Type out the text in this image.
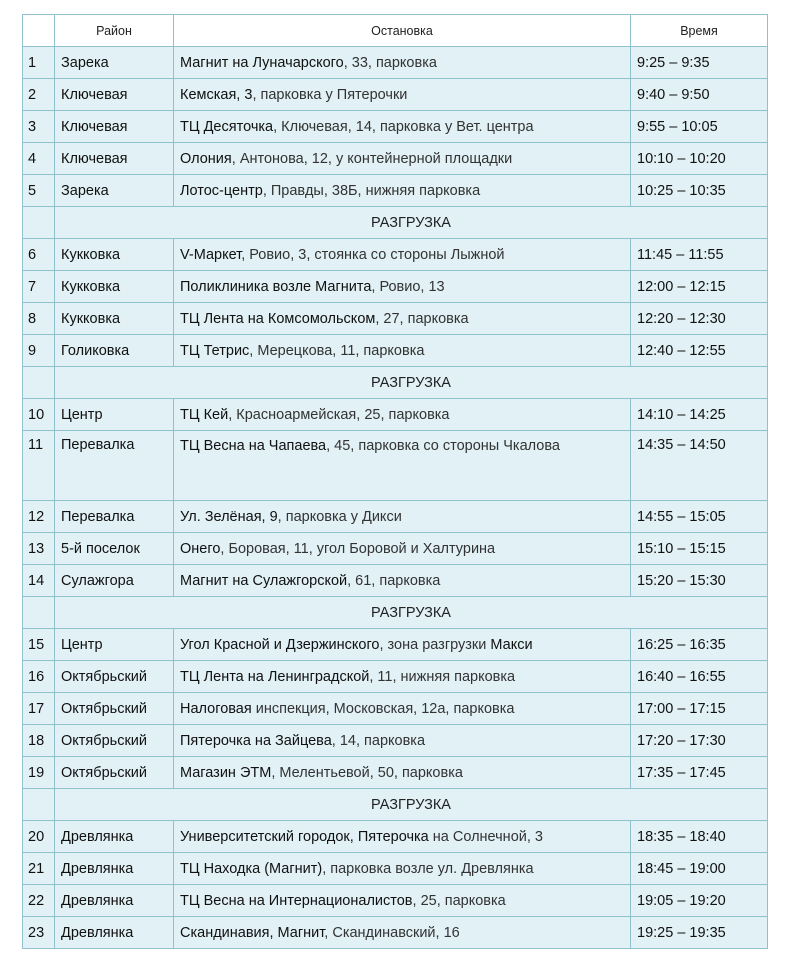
	Район	Остановка	Время
1	Зарека	Магнит на Луначарского, 33, парковка	9:25 – 9:35
2	Ключевая	Кемская, 3, парковка у Пятерочки	9:40 – 9:50
3	Ключевая	ТЦ Десяточка, Ключевая, 14, парковка у Вет. центра	9:55 – 10:05
4	Ключевая	Олония, Антонова, 12, у контейнерной площадки	10:10 – 10:20
5	Зарека	Лотос-центр, Правды, 38Б, нижняя парковка	10:25 – 10:35
	РАЗГРУЗКА		
6	Кукковка	V-Маркет, Ровио, 3, стоянка со стороны Лыжной	11:45 – 11:55
7	Кукковка	Поликлиника возле Магнита, Ровио, 13	12:00 – 12:15
8	Кукковка	ТЦ Лента на Комсомольском, 27, парковка	12:20 – 12:30
9	Голиковка	ТЦ Тетрис, Мерецкова, 11, парковка	12:40 – 12:55
	РАЗГРУЗКА		
10	Центр	ТЦ Кей, Красноармейская, 25, парковка	14:10 – 14:25
11	Перевалка	ТЦ Весна на Чапаева, 45, парковка со стороны Чкалова	14:35 – 14:50
12	Перевалка	Ул. Зелёная, 9, парковка у Дикси	14:55 – 15:05
13	5-й поселок	Онего, Боровая, 11, угол Боровой и Халтурина	15:10 – 15:15
14	Сулажгора	Магнит на Сулажгорской, 61, парковка	15:20 – 15:30
	РАЗГРУЗКА		
15	Центр	Угол Красной и Дзержинского, зона разгрузки Макси	16:25 – 16:35
16	Октябрьский	ТЦ Лента на Ленинградской, 11, нижняя парковка	16:40 – 16:55
17	Октябрьский	Налоговая инспекция, Московская, 12а, парковка	17:00 – 17:15
18	Октябрьский	Пятерочка на Зайцева, 14, парковка	17:20 – 17:30
19	Октябрьский	Магазин ЭТМ, Мелентьевой, 50, парковка	17:35 – 17:45
	РАЗГРУЗКА		
20	Древлянка	Университетский городок, Пятерочка на Солнечной, 3	18:35 – 18:40
21	Древлянка	ТЦ Находка (Магнит), парковка возле ул. Древлянка	18:45 – 19:00
22	Древлянка	ТЦ Весна на Интернационалистов, 25, парковка	19:05 – 19:20
23	Древлянка	Скандинавия, Магнит, Скандинавский, 16	19:25 – 19:35
